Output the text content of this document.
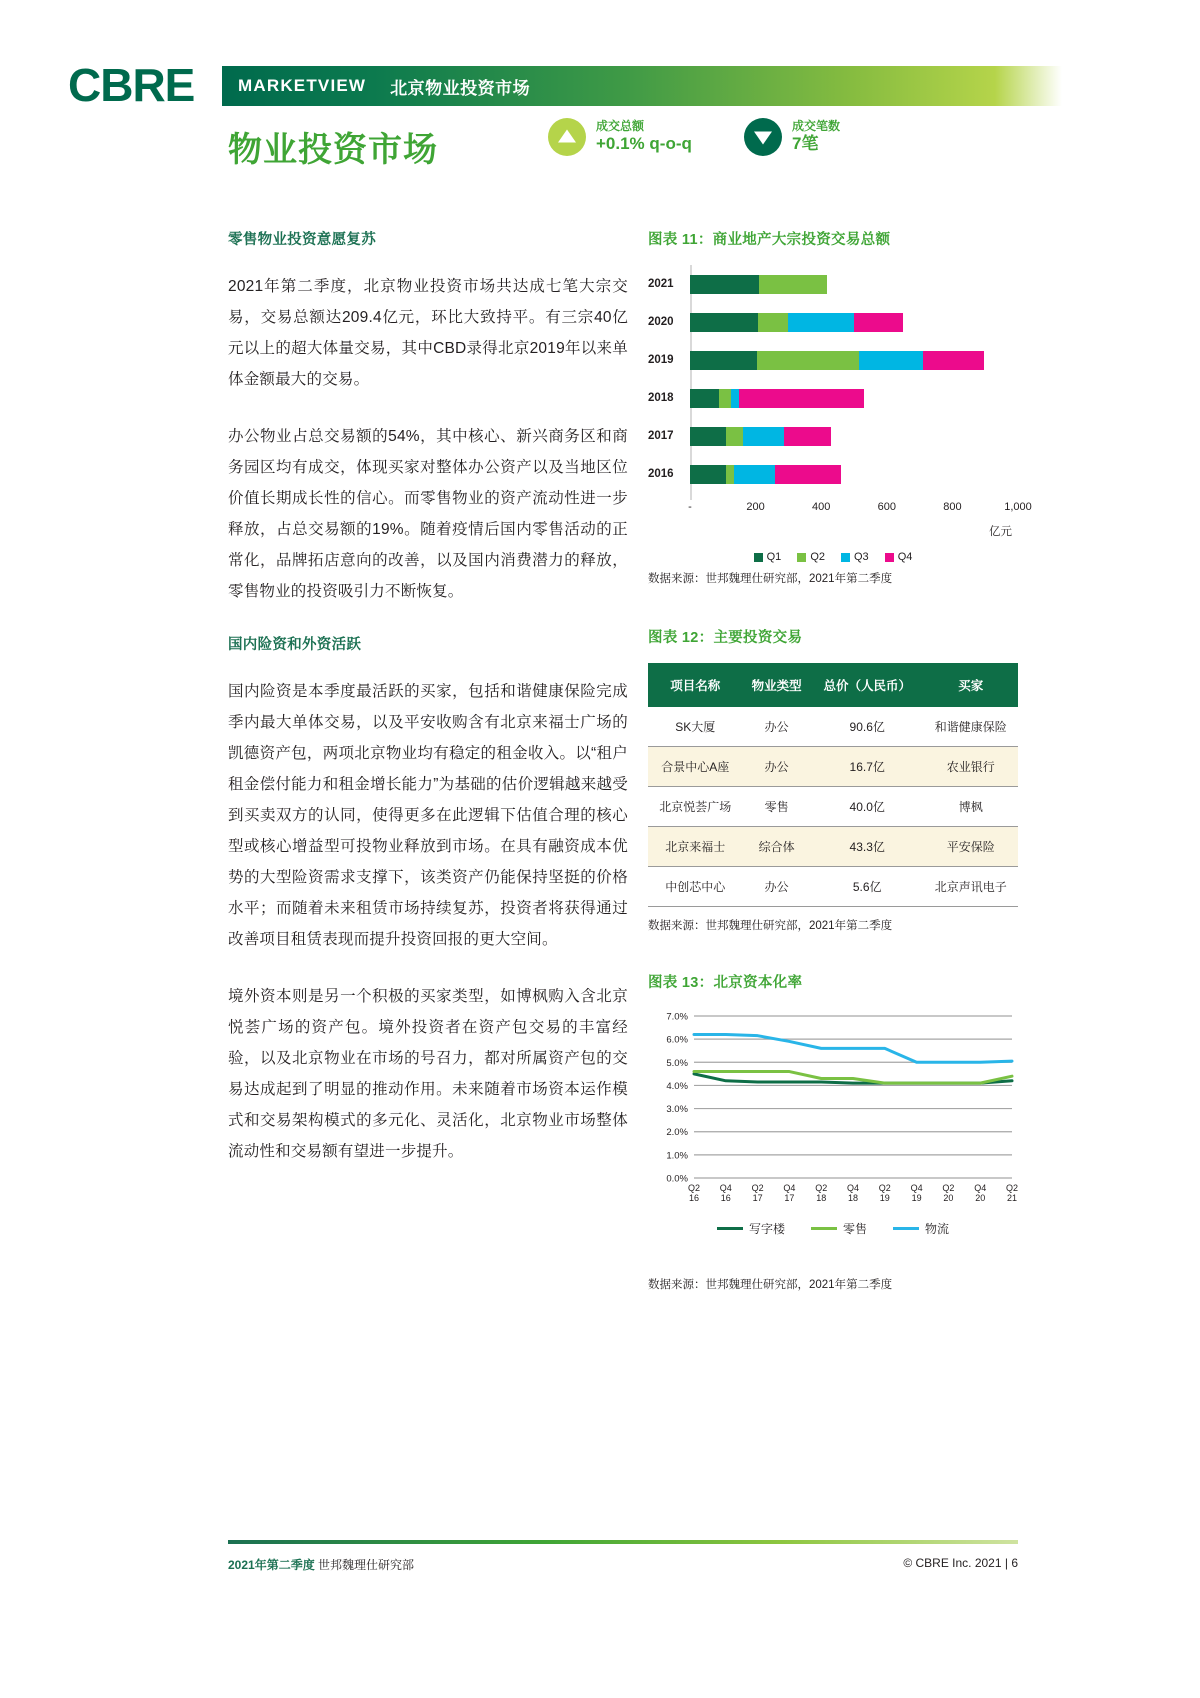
CBRE	MARKETVIEW 北京物业投资市场
物业投资市场
成交总额
+0.1% q-o-q
成交笔数
7笔
零售物业投资意愿复苏

2021年第二季度，北京物业投资市场共达成七笔大宗交易，交易总额达209.4亿元，环比大致持平。有三宗40亿元以上的超大体量交易，其中CBD录得北京2019年以来单体金额最大的交易。

办公物业占总交易额的54%，其中核心、新兴商务区和商务园区均有成交，体现买家对整体办公资产以及当地区位价值长期成长性的信心。而零售物业的资产流动性进一步释放，占总交易额的19%。随着疫情后国内零售活动的正常化，品牌拓店意向的改善，以及国内消费潜力的释放，零售物业的投资吸引力不断恢复。

国内险资和外资活跃

国内险资是本季度最活跃的买家，包括和谐健康保险完成季内最大单体交易，以及平安收购含有北京来福士广场的凯德资产包，两项北京物业均有稳定的租金收入。以“租户租金偿付能力和租金增长能力”为基础的估价逻辑越来越受到买卖双方的认同，使得更多在此逻辑下估值合理的核心型或核心增益型可投物业释放到市场。在具有融资成本优势的大型险资需求支撑下，该类资产仍能保持坚挺的价格水平；而随着未来租赁市场持续复苏，投资者将获得通过改善项目租赁表现而提升投资回报的更大空间。

境外资本则是另一个积极的买家类型，如博枫购入含北京悦荟广场的资产包。境外投资者在资产包交易的丰富经验，以及北京物业在市场的号召力，都对所属资产包的交易达成起到了明显的推动作用。未来随着市场资本运作模式和交易架构模式的多元化、灵活化，北京物业市场整体流动性和交易额有望进一步提升。

图表 11：商业地产大宗投资交易总额
2021
2020
2019
2018
2017
2016
-	200	400	600	800	1,000
亿元
Q1	Q2	Q3	Q4
数据来源：世邦魏理仕研究部，2021年第二季度
图表 12：主要投资交易
项目名称	物业类型	总价（人民币）	买家
SK大厦	办公	90.6亿	和谐健康保险
合景中心A座	办公	16.7亿	农业银行
北京悦荟广场	零售	40.0亿	博枫
北京来福士	综合体	43.3亿	平安保险
中创芯中心	办公	5.6亿	北京声讯电子
数据来源：世邦魏理仕研究部，2021年第二季度
图表 13：北京资本化率
0.0%
1.0%
2.0%
3.0%
4.0%
5.0%
6.0%
7.0%
Q2
16
Q4
16
Q2
17
Q4
17
Q2
18
Q4
18
Q2
19
Q4
19
Q2
20
Q4
20
Q2
21
写字楼	零售	物流
数据来源：世邦魏理仕研究部，2021年第二季度
2021年第二季度 世邦魏理仕研究部	© CBRE Inc. 2021 | 6
